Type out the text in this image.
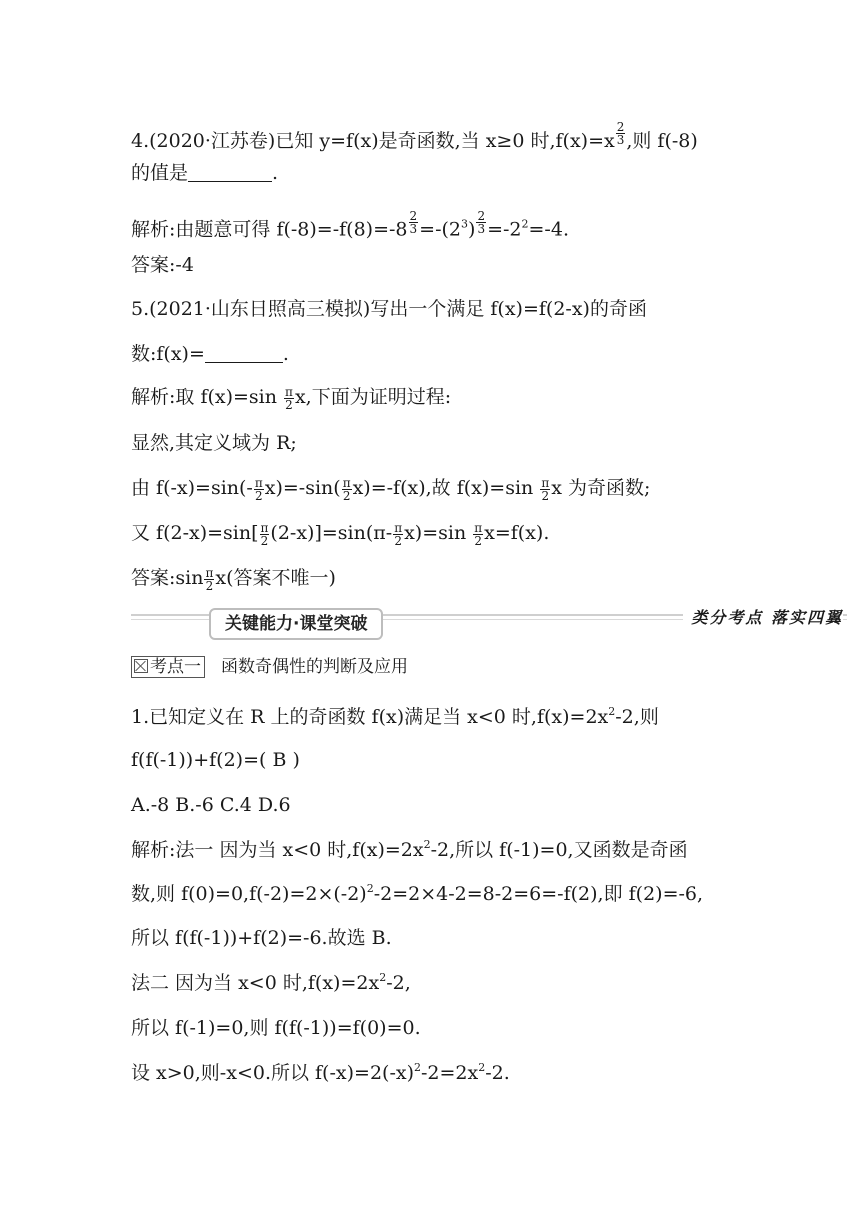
4.(2020·江苏卷)已知 y=f(x)是奇函数,当 x≥0 时,f(x)=x $^{\frac{2}{3}}$ ,则 f(-8)
的值是	.
解析:由题意可得 f(-8)=-f(8)=-8 $^{\frac{2}{3}} =-(2^3)$ $^{\frac{2}{3}} =-2^2=-4$.
答案:-4
5.(2021·山东日照高三模拟)写出一个满足 f(x)=f(2-x)的奇函
数:f(x)=	.
解析:取 $f(x)=\sin \frac{\pi}{2} x$,下面为证明过程:
显然,其定义域为 R;
由 $f(-x)=\sin(- \frac{\pi}{2} x)=-\sin( \frac{\pi}{2} x)=-f(x)$,故 $f(x)=\sin \frac{\pi}{2}$ x 为奇函数;
又 $f(2-x)=\sin[ \frac{\pi}{2} (2-x)]=\sin(\pi- \frac{\pi}{2} x)=\sin \frac{\pi}{2} x=f(x)$.
答案:sin $\frac{\pi}{2} x$(答案不唯一)
关键能力·课堂突破	类分考点 落实四翼
考点一 函数奇偶性的判断及应用
1.已知定义在 R 上的奇函数 f(x)满足当 x<0 时$,f(x)=2x^2-2$,则
f(f(-1))+f(2)=( B )
A.-8 B.-6 C.4 D.6
解析:法一 因为当 x<0 时$,f(x)=2x^2-2$,所以 f(-1)=0,又函数是奇函
数,则 $f(0)=0,f(-2)=2\times(-2)^2-2=2\times 4-2=8-2=6=-f(2)$,即 f(2)=-6,
所以 f(f(-1))+f(2)=-6.故选 B.
法二 因为当 x<0 时$,f(x)=2x^2-2$,
所以 f(-1)=0,则 f(f(-1))=f(0)=0.
设 x>0,则-x<0.所以 $f(-x)=2(-x)^2-2=2x^2-2$.
